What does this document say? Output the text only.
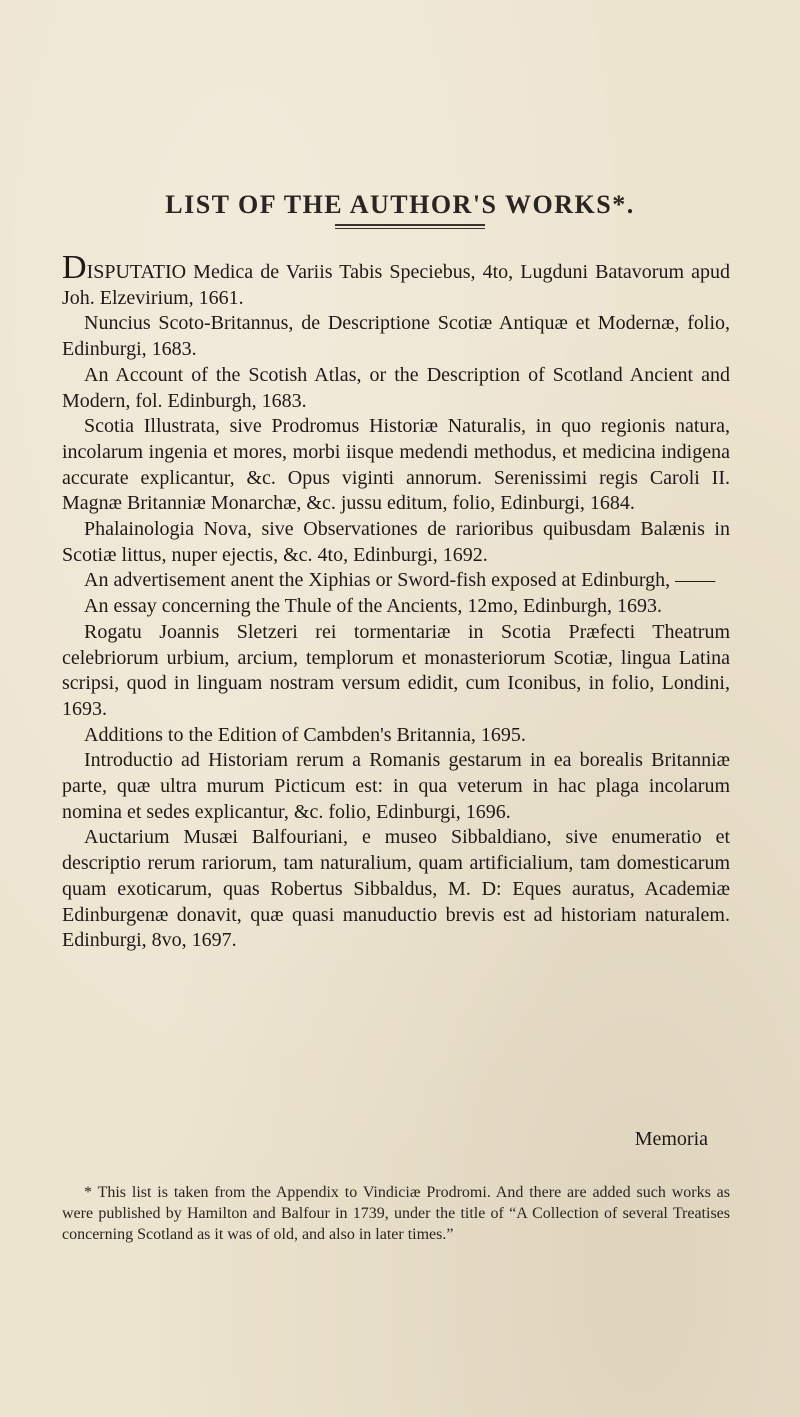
LIST OF THE AUTHOR'S WORKS*.

DISPUTATIO Medica de Variis Tabis Speciebus, 4to, Lugduni Batavorum apud Joh. Elzevirium, 1661.

Nuncius Scoto-Britannus, de Descriptione Scotiæ Antiquæ et Modernæ, folio, Edinburgi, 1683.

An Account of the Scotish Atlas, or the Description of Scotland Ancient and Modern, fol. Edinburgh, 1683.

Scotia Illustrata, sive Prodromus Historiæ Naturalis, in quo regionis natura, incolarum ingenia et mores, morbi iisque medendi methodus, et medicina indigena accurate explicantur, &c. Opus viginti annorum. Serenissimi regis Caroli II. Magnæ Britanniæ Monarchæ, &c. jussu editum, folio, Edinburgi, 1684.

Phalainologia Nova, sive Observationes de rarioribus quibusdam Balænis in Scotiæ littus, nuper ejectis, &c. 4to, Edinburgi, 1692.

An advertisement anent the Xiphias or Sword-fish exposed at Edinburgh, ——

An essay concerning the Thule of the Ancients, 12mo, Edinburgh, 1693.

Rogatu Joannis Sletzeri rei tormentariæ in Scotia Præfecti Theatrum celebriorum urbium, arcium, templorum et monasteriorum Scotiæ, lingua Latina scripsi, quod in linguam nostram versum edidit, cum Iconibus, in folio, Londini, 1693.

Additions to the Edition of Cambden's Britannia, 1695.

Introductio ad Historiam rerum a Romanis gestarum in ea borealis Britanniæ parte, quæ ultra murum Picticum est: in qua veterum in hac plaga incolarum nomina et sedes explicantur, &c. folio, Edinburgi, 1696.

Auctarium Musæi Balfouriani, e museo Sibbaldiano, sive enumeratio et descriptio rerum rariorum, tam naturalium, quam artificialium, tam domesticarum quam exoticarum, quas Robertus Sibbaldus, M. D: Eques auratus, Academiæ Edinburgenæ donavit, quæ quasi manuductio brevis est ad historiam naturalem. Edinburgi, 8vo, 1697.

Memoria

* This list is taken from the Appendix to Vindiciæ Prodromi. And there are added such works as were published by Hamilton and Balfour in 1739, under the title of “A Collection of several Treatises concerning Scotland as it was of old, and also in later times.”
